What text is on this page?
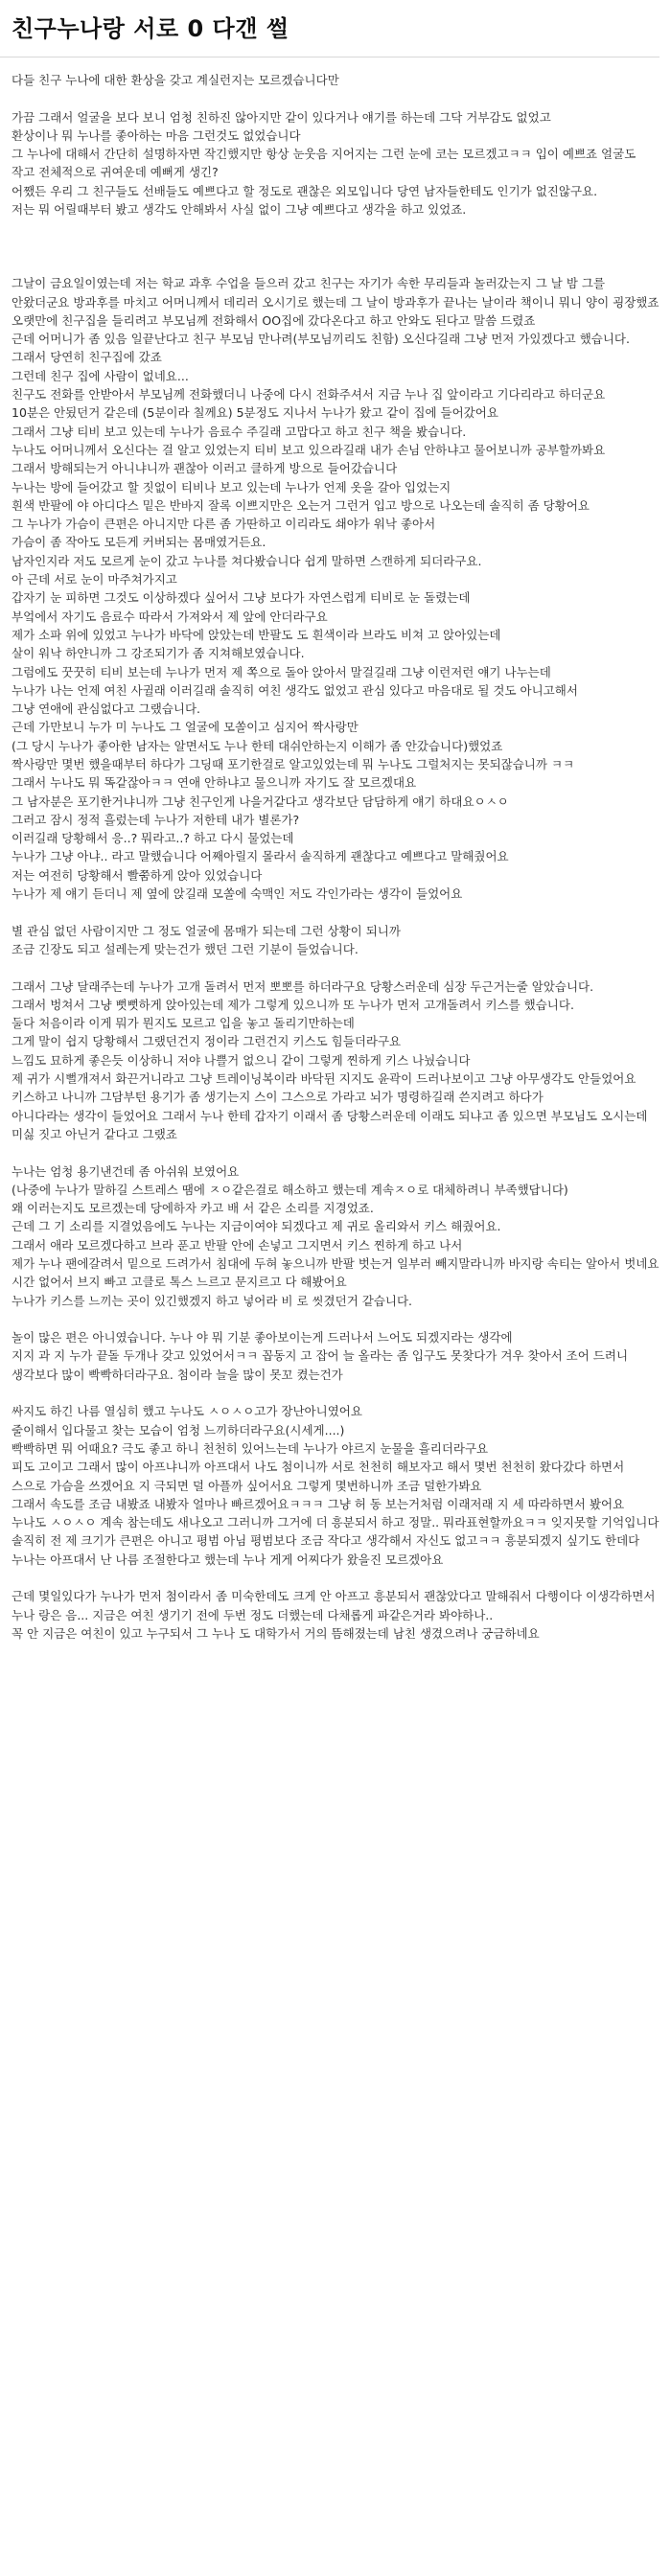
친구누나랑 서로 0 다갠 썰

다들 친구 누나에 대한 환상을 갖고 계실런지는 모르겠습니다만

가끔 그래서 얼굴을 보다 보니 엄청 친하진 않아지만 같이 있다거나 얘기를 하는데 그닥 거부감도 없었고

환상이나 뭐 누나를 좋아하는 마음 그런것도 없었습니다

그 누나에 대해서 간단히 설명하자면 작긴했지만 항상 눈웃음 지어지는 그런 눈에 코는 모르겠고ㅋㅋ 입이 예쁘죠 얼굴도 작고 전체적으로 귀여운데 예뻐게 생긴?

어쨌든 우리 그 친구들도 선배들도 예쁘다고 할 정도로 괜찮은 외모입니다 당연 남자들한테도 인기가 없진않구요.

저는 뭐 어릴때부터 봤고 생각도 안해봐서 사실 없이 그냥 예쁘다고 생각을 하고 있었죠.

그날이 금요일이였는데 저는 학교 과후 수업을 들으러 갔고 친구는 자기가 속한 무리들과 놀러갔는지 그 날 밤 그를 안왔더군요 방과후를 마치고 어머니께서 데리러 오시기로 했는데 그 날이 방과후가 끝나는 날이라 책이니 뭐니 양이 굉장했죠

오랫만에 친구집을 들리려고 부모님께 전화해서 OO집에 갔다온다고 하고 안와도 된다고 말씀 드렸죠

근데 어머니가 좀 있음 일끝난다고 친구 부모님 만나려(부모님끼리도 친함) 오신다길래 그냥 먼저 가있겠다고 했습니다.

그래서 당연히 친구집에 갔죠

그런데 친구 집에 사람이 없네요...

친구도 전화를 안받아서 부모님께 전화했더니 나중에 다시 전화주셔서 지금 누나 집 앞이라고 기다리라고 하더군요

10분은 안됬던거 같은데 (5분이라 칠께요) 5분정도 지나서 누나가 왔고 같이 집에 들어갔어요

그래서 그냥 티비 보고 있는데 누나가 음료수 주길래 고맙다고 하고 친구 책을 봤습니다.

누나도 어머니께서 오신다는 걸 알고 있었는지 티비 보고 있으라길래 내가 손님 안하냐고 물어보니까 공부할까봐요

그래서 방해되는거 아니냐니까 괜찮아 이러고 클하게 방으로 들어갔습니다

누나는 방에 들어갔고 할 짓없이 티비나 보고 있는데 누나가 언제 옷을 갈아 입었는지

흰색 반팔에 야 아디다스 밑은 반바지 잘록 이쁘지만은 오는거 그런거 입고 방으로 나오는데 솔직히 좀 당황어요

그 누나가 가슴이 큰편은 아니지만 다른 좀 가딴하고 이리라도 쇄야가 워낙 좋아서

가슴이 좀 작아도 모든게 커버되는 몸매였거든요.

남자인지라 저도 모르게 눈이 갔고 누나를 쳐다봤습니다 쉽게 말하면 스캔하게 되더라구요.

아 근데 서로 눈이 마주쳐가지고

갑자기 눈 피하면 그것도 이상하겠다 싶어서 그냥 보다가 자연스럽게 티비로 눈 돌렸는데

부엌에서 자기도 음료수 따라서 가져와서 제 앞에 안더라구요

제가 소파 위에 있었고 누나가 바닥에 앉았는데 반팔도 도 흰색이라 브라도 비쳐 고 앉아있는데

살이 워낙 하얀니까 그 강조되기가 좀 지쳐해보였습니다.

그럼에도 꿋꿋히 티비 보는데 누나가 먼저 제 쪽으로 돌아 앉아서 말걸길래 그냥 이런저런 얘기 나누는데

누나가 나는 언제 여친 사귈래 이러길래 솔직히 여친 생각도 없었고 관심 있다고 마음대로 될 것도 아니고해서

그냥 연애에 관심없다고 그랬습니다.

근데 가만보니 누가 미 누나도 그 얼굴에 모쏠이고 심지어 짝사랑만

(그 당시 누나가 좋아한 남자는 알면서도 누나 한테 대쉬안하는지 이해가 좀 안갔습니다)했었죠

짝사랑만 몇번 했을때부터 하다가 그딩때 포기한걸로 알고있었는데 뭐 누나도 그럴처지는 못되잖습니까 ㅋㅋ

그래서 누나도 뭐 똑같잖아ㅋㅋ 연애 안하냐고 물으니까 자기도 잘 모르겠대요

그 남자분은 포기한거냐니까 그냥 친구인게 나을거같다고 생각보단 담담하게 얘기 하대요ㅇㅅㅇ

그러고 잠시 정적 흘렀는데 누나가 저한테 내가 별론가?

이러길래 당황해서 응..? 뭐라고..? 하고 다시 물었는데

누나가 그냥 아냐.. 라고 말했습니다 어째아릴지 몰라서 솔직하게 괜찮다고 예쁘다고 말해줬어요

저는 여전히 당황해서 빨쭘하게 앉아 있었습니다

누나가 제 얘기 듣더니 제 옆에 앉길래 모쏠에 숙맥인 저도 각인가라는 생각이 들었어요

별 관심 없던 사람이지만 그 정도 얼굴에 몸매가 되는데 그런 상황이 되니까

조금 긴장도 되고 설레는게 맞는건가 했던 그런 기분이 들었습니다.

그래서 그냥 달래주는데 누나가 고개 돌려서 먼저 뽀뽀를 하더라구요 당황스러운데 심장 두근거는줄 알았습니다.

그래서 벙쳐서 그냥 뻣뻣하게 앉아있는데 제가 그렇게 있으니까 또 누나가 먼저 고개돌려서 키스를 했습니다.

둘다 처음이라 이게 뭐가 뭔지도 모르고 입을 놓고 돌리기만하는데

그게 말이 쉽지 당황해서 그랬던건지 정이라 그런건지 키스도 힘들더라구요

느낌도 묘하게 좋은듯 이상하니 저야 나쁠거 없으니 같이 그렇게 찐하게 키스 나눴습니다

제 귀가 시뻘개져서 화끈거니라고 그냥 트레이닝복이라 바닥뒨 지지도 윤곽이 드러나보이고 그냥 아무생각도 안들었어요

키스하고 나니까 그담부턴 용기가 좀 생기는지 스이 그스으로 가라고 뇌가 명령하길래 쓴지려고 하다가

아니다라는 생각이 들었어요 그래서 누나 한테 갑자기 이래서 좀 당황스러운데 이래도 되냐고 좀 있으면 부모님도 오시는데

미싫 짓고 아닌거 같다고 그랬죠

누나는 엄청 용기낸건데 좀 아쉬워 보였어요

(나중에 누나가 말하길 스트레스 땜에 ㅈㅇ같은걸로 해소하고 했는데 계속ㅈㅇ로 대체하려니 부족했답니다)

왜 이러는지도 모르겠는데 당에하자 카고 배 서 같은 소리를 지경었죠.

근데 그 기 소리를 지결었음에도 누나는 지금이여야 되겠다고 제 귀로 올리와서 키스 해줬어요.

그래서 애라 모르겠다하고 브라 푼고 반팔 안에 손넣고 그지면서 키스 찐하게 하고 나서

제가 누나 팬에갈려서 밑으로 드려가서 침대에 두혀 놓으니까 반팔 벗는거 일부러 빼지말라니까 바지랑 속티는 알아서 벗네요

시간 없어서 브지 빠고 고클로 톡스 느르고 문지르고 다 해봤어요

누나가 키스를 느끼는 곳이 있긴했겠지 하고 넣어라 비 로 씻겼던거 같습니다.

놀이 많은 편은 아니였습니다. 누나 야 뭐 기분 좋아보이는게 드러나서 느어도 되겠지라는 생각에

지지 과 지 누가 끝돌 두개나 갖고 있었어서ㅋㅋ 꼽동지 고 잡어 늘 올라는 좀 입구도 못찾다가 겨우 찾아서 조어 드려니

생각보다 많이 빡빡하더라구요. 첨이라 늘을 많이 못꼬 켰는건가

싸지도 하긴 나름 열심히 했고 누나도 ㅅㅇㅅㅇ고가 장난아니였어요

줄이해서 입다물고 찾는 모습이 엄청 느끼하더라구요(시세게....)

빡빡하면 뭐 어때요? 극도 좋고 하니 천천히 있어느는데 누나가 야르지 눈물을 흘리더라구요

피도 고이고 그래서 많이 아프냐니까 아프대서 나도 첨이니까 서로 천천히 해보자고 해서 몇번 천천히 왔다갔다 하면서

스으로 가슴을 쓰겠어요 지 극되면 덜 아플까 싶어서요 그렇게 몇번하니까 조금 덜한가봐요

그래서 속도를 조금 내봤죠 내봤자 얼마나 빠르겠어요ㅋㅋㅋ 그냥 허 동 보는거처럼 이래저래 지 세 따라하면서 봤어요

누나도 ㅅㅇㅅㅇ 계속 참는데도 새나오고 그러니까 그거에 더 흥분되서 하고 정말.. 뭐라표현할까요ㅋㅋ 잊지못할 기억입니다

솔직히 전 제 크기가 큰편은 아니고 평범 아님 평범보다 조금 작다고 생각해서 자신도 없고ㅋㅋ 흥분되겠지 싶기도 한데다

누나는 아프대서 난 나름 조절한다고 했는데 누나 게게 어찌다가 왔을진 모르겠아요

근데 몇일있다가 누나가 먼저 첨이라서 좀 미숙한데도 크게 안 아프고 흥분되서 괜찮았다고 말해줘서 다행이다 이생각하면서

누나 랑은 음... 지금은 여친 생기기 전에 두번 정도 더했는데 다채롭게 파같은거라 봐야하나..

꼭 안 지금은 여친이 있고 누구되서 그 누나 도 대학가서 거의 뜸해졌는데 남친 생겼으려나 궁금하네요
